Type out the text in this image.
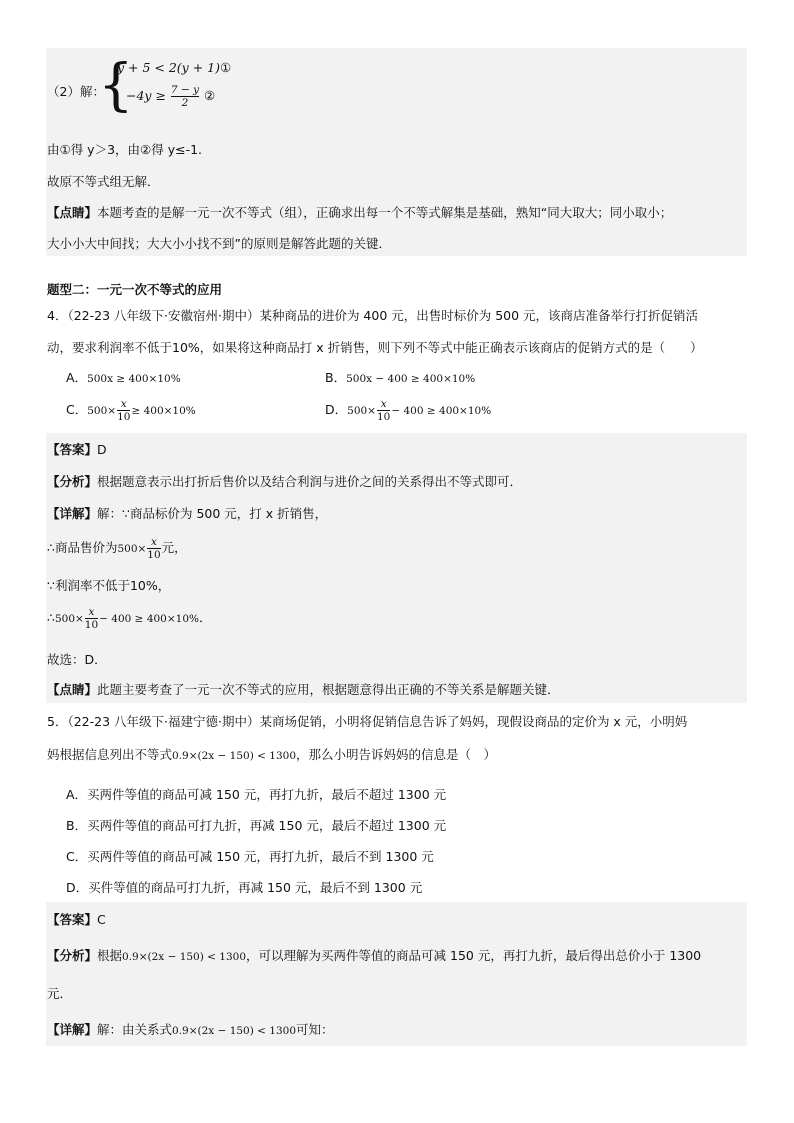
（2）解：
{
y + 5 < 2(y + 1)①
$-4y \ge \frac{7 - y}{2}$ ②
由①得 y＞3，由②得 y≤-1.
故原不等式组无解．
【点睛】本题考查的是解一元一次不等式（组），正确求出每一个不等式解集是基础，熟知“同大取大；同小取小；
大小小大中间找；大大小小找不到”的原则是解答此题的关键．
题型二：一元一次不等式的应用
4．（22-23 八年级下·安徽宿州·期中）某种商品的进价为 400 元，出售时标价为 500 元，该商店准备举行打折促销活
动，要求利润率不低于10%，如果将这种商品打 x 折销售，则下列不等式中能正确表示该商店的促销方式的是（　　）
A．500x ≥ 400×10%	B．500x − 400 ≥ 400×10%
C．$500\times \frac{x}{10} \ge 400\times 10\%$	D．$500\times \frac{x}{10} - 400 \ge 400\times 10\%$
【答案】D
【分析】根据题意表示出打折后售价以及结合利润与进价之间的关系得出不等式即可．
【详解】解：∵商品标价为 500 元，打 x 折销售，
∴商品售价为$500\times \frac{x}{10}$ 元，
∵利润率不低于10%，
∴500× $\frac{x}{10} - 400 \ge 400\times 10\%$．
故选：D．
【点睛】此题主要考查了一元一次不等式的应用，根据题意得出正确的不等关系是解题关键．
5．（22-23 八年级下·福建宁德·期中）某商场促销，小明将促销信息告诉了妈妈，现假设商品的定价为 x 元，小明妈
妈根据信息列出不等式0.9×(2x − 150) < 1300，那么小明告诉妈妈的信息是（　）
A．买两件等值的商品可减 150 元，再打九折，最后不超过 1300 元
B．买两件等值的商品可打九折，再减 150 元，最后不超过 1300 元
C．买两件等值的商品可减 150 元，再打九折，最后不到 1300 元
D．买件等值的商品可打九折，再减 150 元，最后不到 1300 元
【答案】C
【分析】根据0.9×(2x − 150) < 1300，可以理解为买两件等值的商品可减 150 元，再打九折，最后得出总价小于 1300
元．
【详解】解：由关系式0.9×(2x − 150) < 1300可知：
